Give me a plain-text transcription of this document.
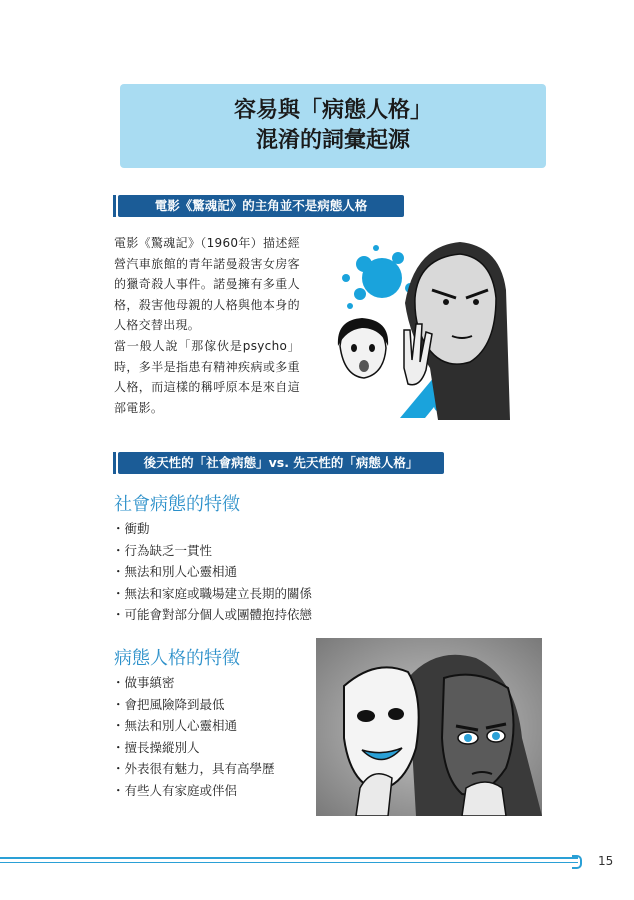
容易與「病態人格」
混淆的詞彙起源
電影《驚魂記》的主角並不是病態人格

電影《驚魂記》（1960年）描述經營汽車旅館的青年諾曼殺害女房客的獵奇殺人事件。諾曼擁有多重人格，殺害他母親的人格與他本身的人格交替出現。

當一般人說「那傢伙是psycho」時，多半是指患有精神疾病或多重人格，而這樣的稱呼原本是來自這部電影。

後天性的「社會病態」vs. 先天性的「病態人格」
社會病態的特徵
・ 衝動
・ 行為缺乏一貫性
・ 無法和別人心靈相通
・ 無法和家庭或職場建立長期的關係
・ 可能會對部分個人或團體抱持依戀
病態人格的特徵
・ 做事縝密
・ 會把風險降到最低
・ 無法和別人心靈相通
・ 擅長操縱別人
・ 外表很有魅力，具有高學歷
・ 有些人有家庭或伴侶
15
